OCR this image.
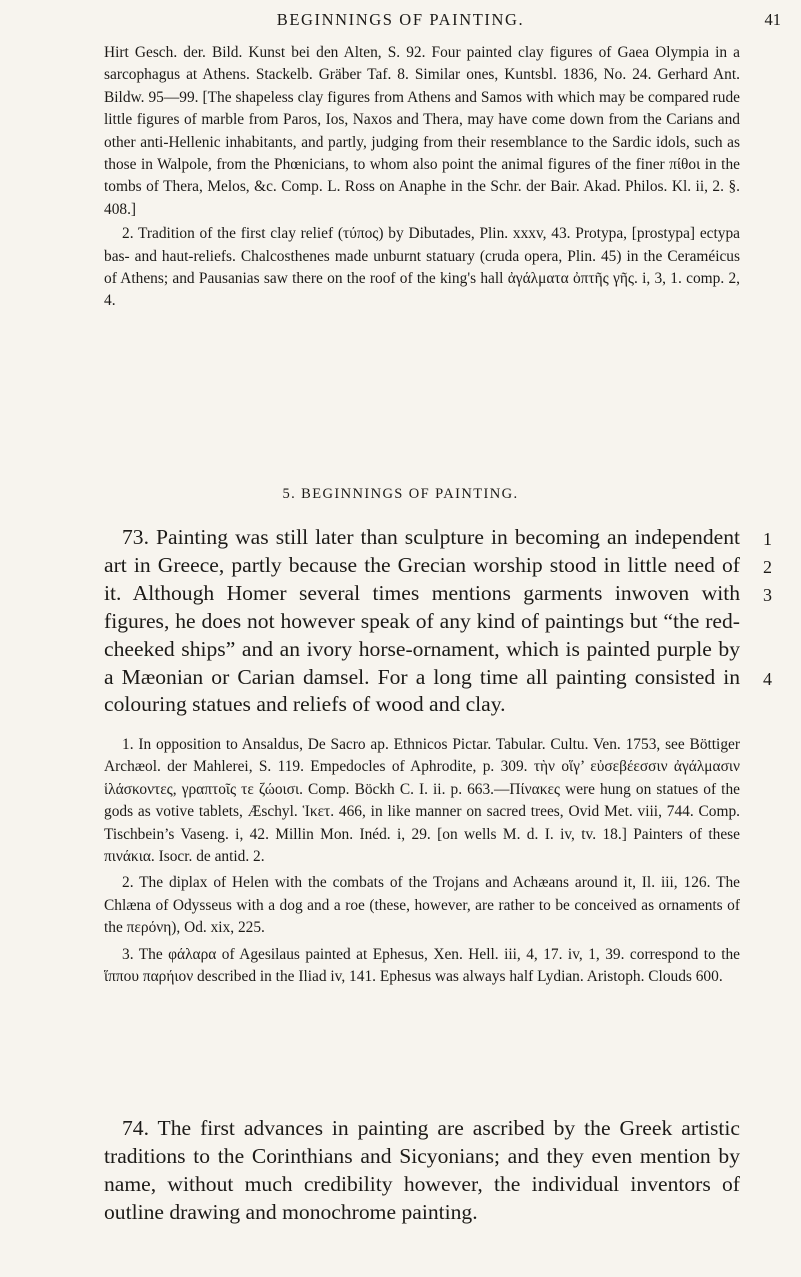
BEGINNINGS OF PAINTING.	41

Hirt Gesch. der. Bild. Kunst bei den Alten, S. 92. Four painted clay figures of Gaea Olympia in a sarcophagus at Athens. Stackelb. Gräber Taf. 8. Similar ones, Kuntsbl. 1836, No. 24. Gerhard Ant. Bildw. 95—99. [The shapeless clay figures from Athens and Samos with which may be compared rude little figures of marble from Paros, Ios, Naxos and Thera, may have come down from the Carians and other anti-Hellenic inhabitants, and partly, judging from their resemblance to the Sardic idols, such as those in Walpole, from the Phœnicians, to whom also point the animal figures of the finer πίθοι in the tombs of Thera, Melos, &c. Comp. L. Ross on Anaphe in the Schr. der Bair. Akad. Philos. Kl. ii, 2. §. 408.]

2. Tradition of the first clay relief (τύπος) by Dibutades, Plin. xxxv, 43. Protypa, [prostypa] ectypa bas- and haut-reliefs. Chalcosthenes made unburnt statuary (cruda opera, Plin. 45) in the Ceraméicus of Athens; and Pausanias saw there on the roof of the king's hall ἀγάλματα ὀπτῆς γῆς. i, 3, 1. comp. 2, 4.

5. BEGINNINGS OF PAINTING.

73. Painting was still later than sculpture in becoming an independent art in Greece, partly because the Grecian worship stood in little need of it. Although Homer several times mentions garments inwoven with figures, he does not however speak of any kind of paintings but “the red-cheeked ships” and an ivory horse-ornament, which is painted purple by a Mæonian or Carian damsel. For a long time all painting consisted in colouring statues and reliefs of wood and clay.

1
2
3
4

1. In opposition to Ansaldus, De Sacro ap. Ethnicos Pictar. Tabular. Cultu. Ven. 1753, see Böttiger Archæol. der Mahlerei, S. 119. Empedocles of Aphrodite, p. 309. τὴν οἵγ’ εὐσεβέεσσιν ἀγάλμασιν ἱλάσκοντες, γραπτοῖς τε ζώοισι. Comp. Böckh C. I. ii. p. 663.—Πίνακες were hung on statues of the gods as votive tablets, Æschyl. Ἱκετ. 466, in like manner on sacred trees, Ovid Met. viii, 744. Comp. Tischbein’s Vaseng. i, 42. Millin Mon. Inéd. i, 29. [on wells M. d. I. iv, tv. 18.] Painters of these πινάκια. Isocr. de antid. 2.

2. The diplax of Helen with the combats of the Trojans and Achæans around it, Il. iii, 126. The Chlæna of Odysseus with a dog and a roe (these, however, are rather to be conceived as ornaments of the περόνη), Od. xix, 225.

3. The φάλαρα of Agesilaus painted at Ephesus, Xen. Hell. iii, 4, 17. iv, 1, 39. correspond to the ἵππου παρήιον described in the Iliad iv, 141. Ephesus was always half Lydian. Aristoph. Clouds 600.

74. The first advances in painting are ascribed by the Greek artistic traditions to the Corinthians and Sicyonians; and they even mention by name, without much credibility however, the individual inventors of outline drawing and monochrome painting.
